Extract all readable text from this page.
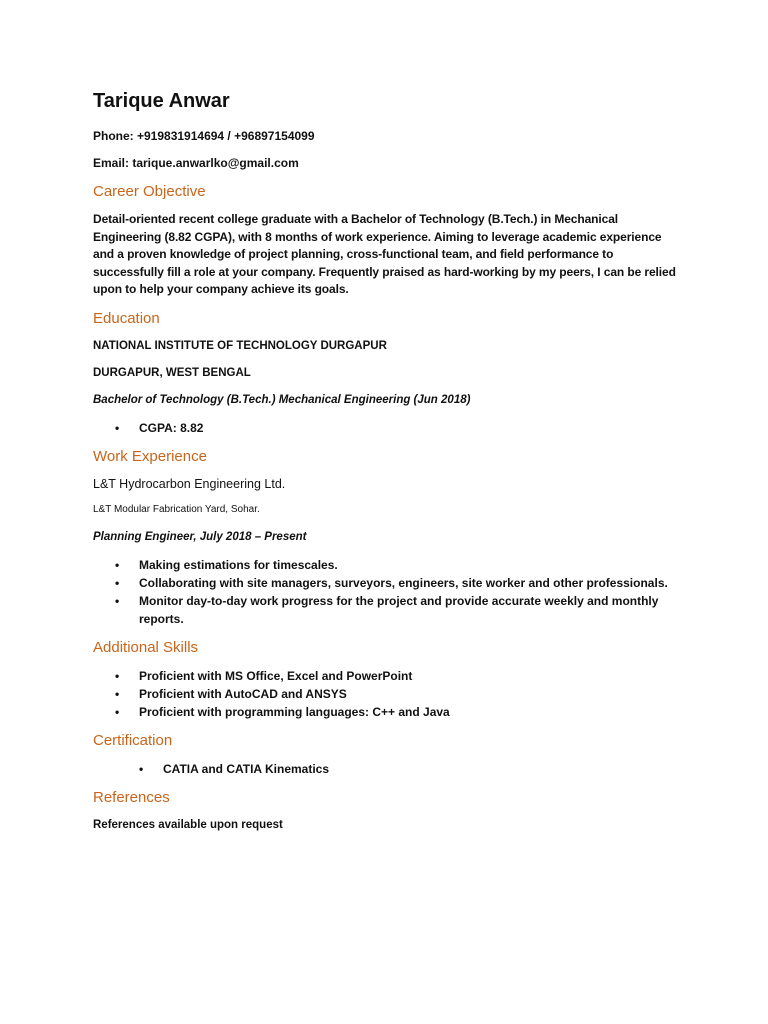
Tarique Anwar
Phone: +919831914694 / +96897154099
Email: tarique.anwarlko@gmail.com
Career Objective
Detail-oriented recent college graduate with a Bachelor of Technology (B.Tech.) in Mechanical Engineering (8.82 CGPA), with 8 months of work experience. Aiming to leverage academic experience and a proven knowledge of project planning, cross-functional team, and field performance to successfully fill a role at your company. Frequently praised as hard-working by my peers, I can be relied upon to help your company achieve its goals.
Education
NATIONAL INSTITUTE OF TECHNOLOGY DURGAPUR
DURGAPUR, WEST BENGAL
Bachelor of Technology (B.Tech.) Mechanical Engineering (Jun 2018)
• CGPA: 8.82
Work Experience
L&T Hydrocarbon Engineering Ltd.
L&T Modular Fabrication Yard, Sohar.
Planning Engineer, July 2018 – Present
• Making estimations for timescales.
• Collaborating with site managers, surveyors, engineers, site worker and other professionals.
• Monitor day-to-day work progress for the project and provide accurate weekly and monthly reports.
Additional Skills
• Proficient with MS Office, Excel and PowerPoint
• Proficient with AutoCAD and ANSYS
• Proficient with programming languages: C++ and Java
Certification
• CATIA and CATIA Kinematics
References
References available upon request
